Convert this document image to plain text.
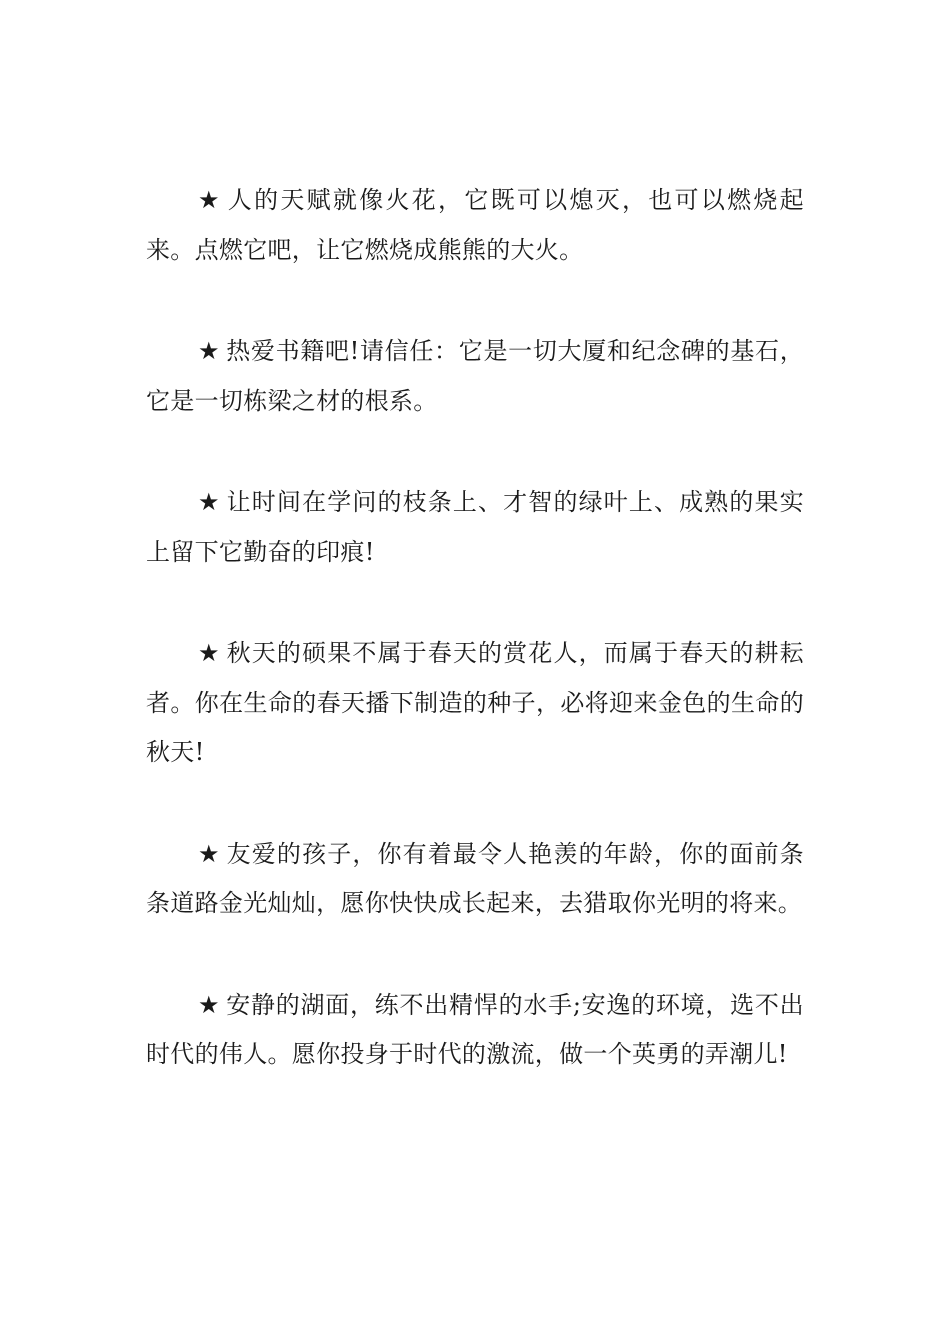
★ 人的天赋就像火花，它既可以熄灭，也可以燃烧起来。点燃它吧，让它燃烧成熊熊的大火。

★ 热爱书籍吧!请信任：它是一切大厦和纪念碑的基石，它是一切栋梁之材的根系。

★ 让时间在学问的枝条上、才智的绿叶上、成熟的果实上留下它勤奋的印痕!

★ 秋天的硕果不属于春天的赏花人，而属于春天的耕耘者。你在生命的春天播下制造的种子，必将迎来金色的生命的秋天!

★ 友爱的孩子，你有着最令人艳羡的年龄，你的面前条条道路金光灿灿，愿你快快成长起来，去猎取你光明的将来。

★ 安静的湖面，练不出精悍的水手;安逸的环境，选不出时代的伟人。愿你投身于时代的激流，做一个英勇的弄潮儿!
